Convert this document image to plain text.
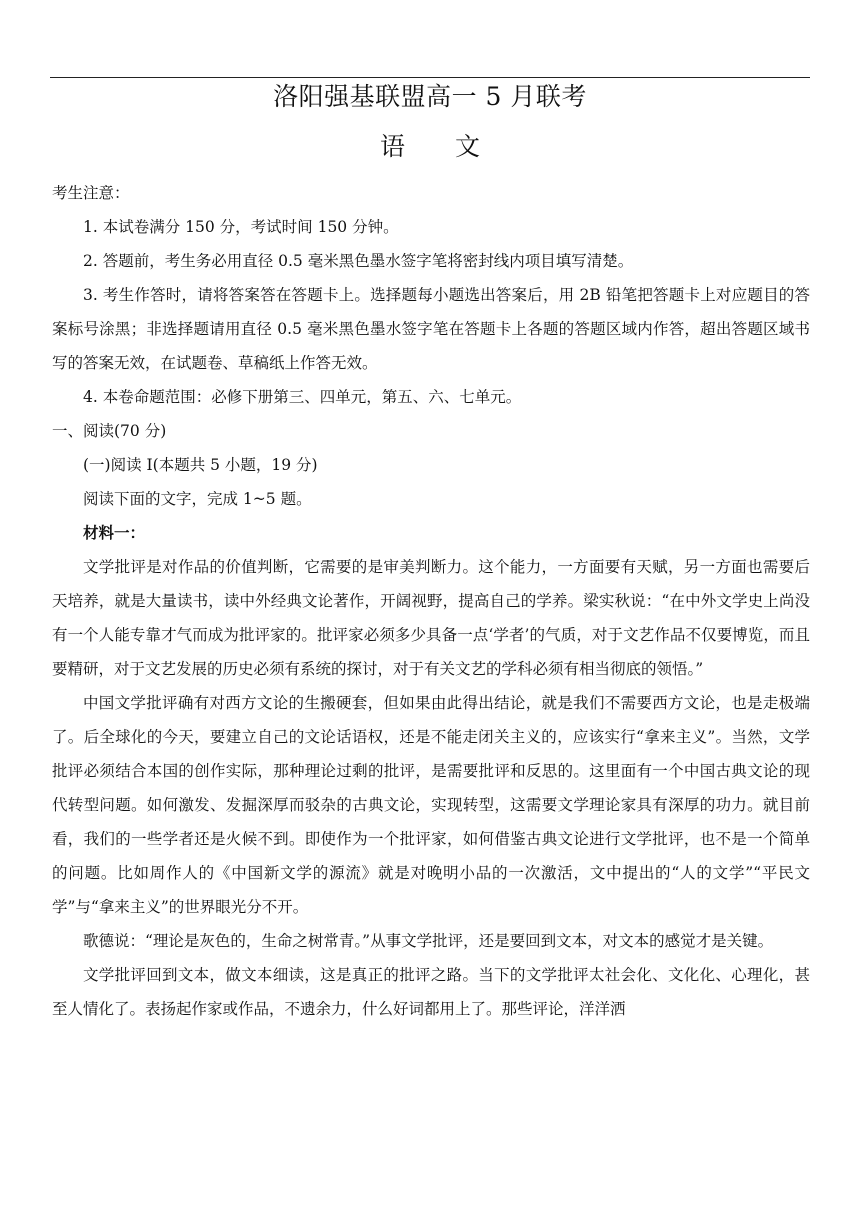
洛阳强基联盟高一 5 月联考
语 文
考生注意：
1. 本试卷满分 150 分，考试时间 150 分钟。
2. 答题前，考生务必用直径 0.5 毫米黑色墨水签字笔将密封线内项目填写清楚。

3. 考生作答时，请将答案答在答题卡上。选择题每小题选出答案后，用 2B 铅笔把答题卡上对应题目的答案标号涂黑；非选择题请用直径 0.5 毫米黑色墨水签字笔在答题卡上各题的答题区域内作答，超出答题区域书写的答案无效，在试题卷、草稿纸上作答无效。

4. 本卷命题范围：必修下册第三、四单元，第五、六、七单元。
一、阅读(70 分)
(一)阅读 I(本题共 5 小题，19 分)
阅读下面的文字，完成 1~5 题。
材料一：

文学批评是对作品的价值判断，它需要的是审美判断力。这个能力，一方面要有天赋，另一方面也需要后天培养，就是大量读书，读中外经典文论著作，开阔视野，提高自己的学养。梁实秋说：“在中外文学史上尚没有一个人能专靠才气而成为批评家的。批评家必须多少具备一点‘学者’的气质，对于文艺作品不仅要博览，而且要精研，对于文艺发展的历史必须有系统的探讨，对于有关文艺的学科必须有相当彻底的领悟。”

中国文学批评确有对西方文论的生搬硬套，但如果由此得出结论，就是我们不需要西方文论，也是走极端了。后全球化的今天，要建立自己的文论话语权，还是不能走闭关主义的，应该实行“拿来主义”。当然，文学批评必须结合本国的创作实际，那种理论过剩的批评，是需要批评和反思的。这里面有一个中国古典文论的现代转型问题。如何激发、发掘深厚而驳杂的古典文论，实现转型，这需要文学理论家具有深厚的功力。就目前看，我们的一些学者还是火候不到。即使作为一个批评家，如何借鉴古典文论进行文学批评，也不是一个简单的问题。比如周作人的《中国新文学的源流》就是对晚明小品的一次激活，文中提出的“人的文学”“平民文学”与“拿来主义”的世界眼光分不开。

歌德说：“理论是灰色的，生命之树常青。”从事文学批评，还是要回到文本，对文本的感觉才是关键。

文学批评回到文本，做文本细读，这是真正的批评之路。当下的文学批评太社会化、文化化、心理化，甚至人情化了。表扬起作家或作品，不遗余力，什么好词都用上了。那些评论，洋洋洒
